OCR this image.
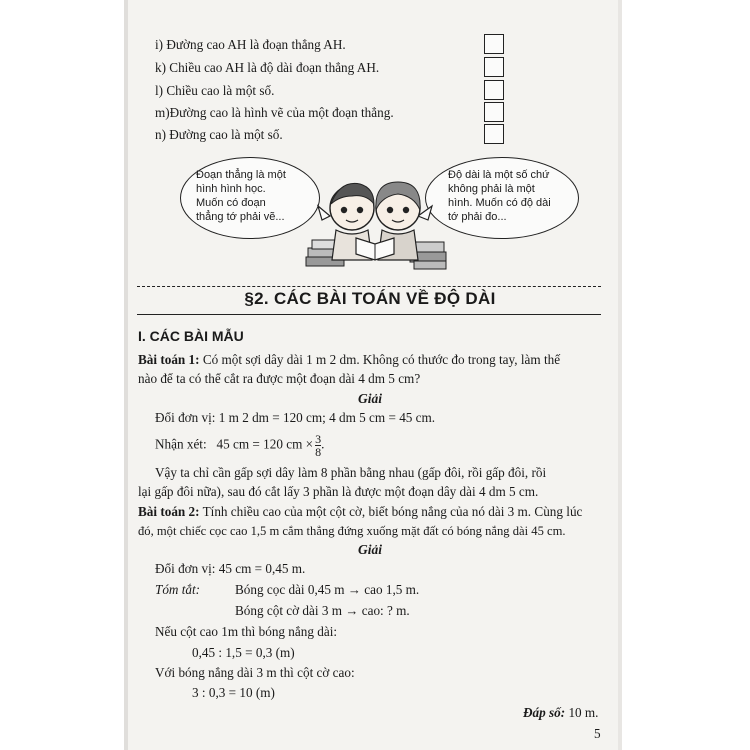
i) Đường cao AH là đoạn thẳng AH.
k) Chiều cao AH là độ dài đoạn thẳng AH.
l) Chiều cao là một số.
m)Đường cao là hình vẽ của một đoạn thẳng.
n) Đường cao là một số.
Đoạn thẳng là một
hình hình học.
Muốn có đoạn
thẳng tớ phải vẽ...
Độ dài là một số chứ
không phải là một
hình. Muốn có độ dài
tớ phải đo...
§2. CÁC BÀI TOÁN VỀ ĐỘ DÀI
I. CÁC BÀI MẪU
Bài toán 1: Có một sợi dây dài 1 m 2 dm. Không có thước đo trong tay, làm thế
nào để ta có thể cắt ra được một đoạn dài 4 dm 5 cm?
Giải
Đổi đơn vị: 1 m 2 dm = 120 cm; 4 dm 5 cm = 45 cm.
Nhận xét: 45 cm = 120 cm × $\frac{3}{8}$ .
Vậy ta chỉ cần gấp sợi dây làm 8 phần bằng nhau (gấp đôi, rồi gấp đôi, rồi
lại gấp đôi nữa), sau đó cắt lấy 3 phần là được một đoạn dây dài 4 dm 5 cm.
Bài toán 2: Tính chiều cao của một cột cờ, biết bóng nắng của nó dài 3 m. Cùng lúc
đó, một chiếc cọc cao 1,5 m cắm thẳng đứng xuống mặt đất có bóng nắng dài 45 cm.
Giải
Đổi đơn vị: 45 cm = 0,45 m.
Tóm tắt:	Bóng cọc dài 0,45 m → cao 1,5 m.
Bóng cột cờ dài 3 m → cao: ? m.
Nếu cột cao 1m thì bóng nắng dài:
0,45 : 1,5 = 0,3 (m)
Với bóng nắng dài 3 m thì cột cờ cao:
3 : 0,3 = 10 (m)
Đáp số: 10 m.
5
